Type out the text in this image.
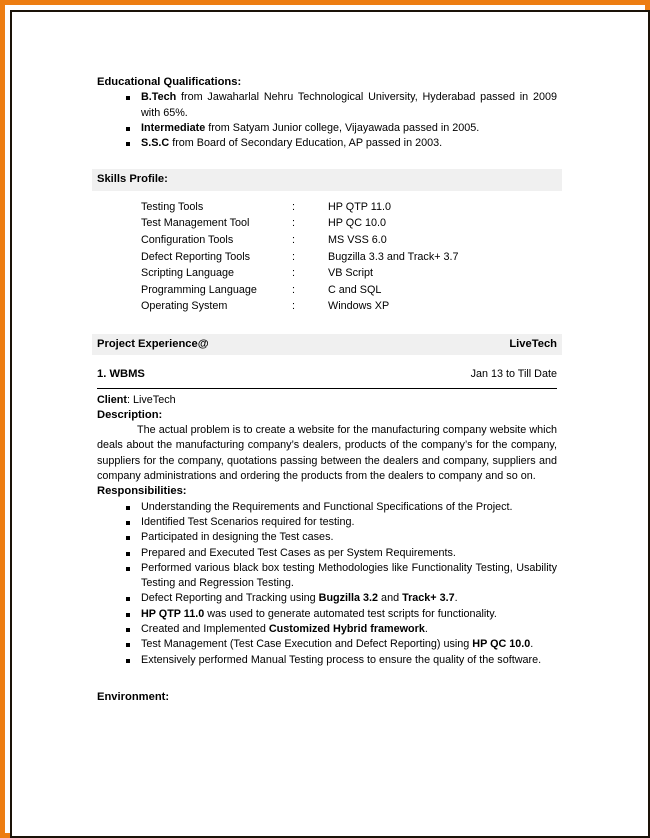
Educational Qualifications:
B.Tech from Jawaharlal Nehru Technological University, Hyderabad passed in 2009 with 65%.
Intermediate from Satyam Junior college, Vijayawada passed in 2005.
S.S.C from Board of Secondary Education, AP passed in 2003.
Skills Profile:
Testing Tools	:	HP QTP 11.0
Test Management Tool	:	HP QC 10.0
Configuration Tools	:	MS VSS 6.0
Defect Reporting Tools	:	Bugzilla 3.3 and Track+ 3.7
Scripting Language	:	VB Script
Programming Language	:	C and SQL
Operating System	:	Windows XP
Project Experience@	LiveTech
1. WBMS	Jan 13 to Till Date

Client: LiveTech

Description:

The actual problem is to create a website for the manufacturing company website which deals about the manufacturing company’s dealers, products of the company’s for the company, suppliers for the company, quotations passing between the dealers and company, suppliers and company administrations and ordering the products from the dealers to company and so on.

Responsibilities:
Understanding the Requirements and Functional Specifications of the Project.
Identified Test Scenarios required for testing.
Participated in designing the Test cases.
Prepared and Executed Test Cases as per System Requirements.
Performed various black box testing Methodologies like Functionality Testing, Usability Testing and Regression Testing.
Defect Reporting and Tracking using Bugzilla 3.2 and Track+ 3.7.
HP QTP 11.0 was used to generate automated test scripts for functionality.
Created and Implemented Customized Hybrid framework.
Test Management (Test Case Execution and Defect Reporting) using HP QC 10.0.
Extensively performed Manual Testing process to ensure the quality of the software.
Environment:
